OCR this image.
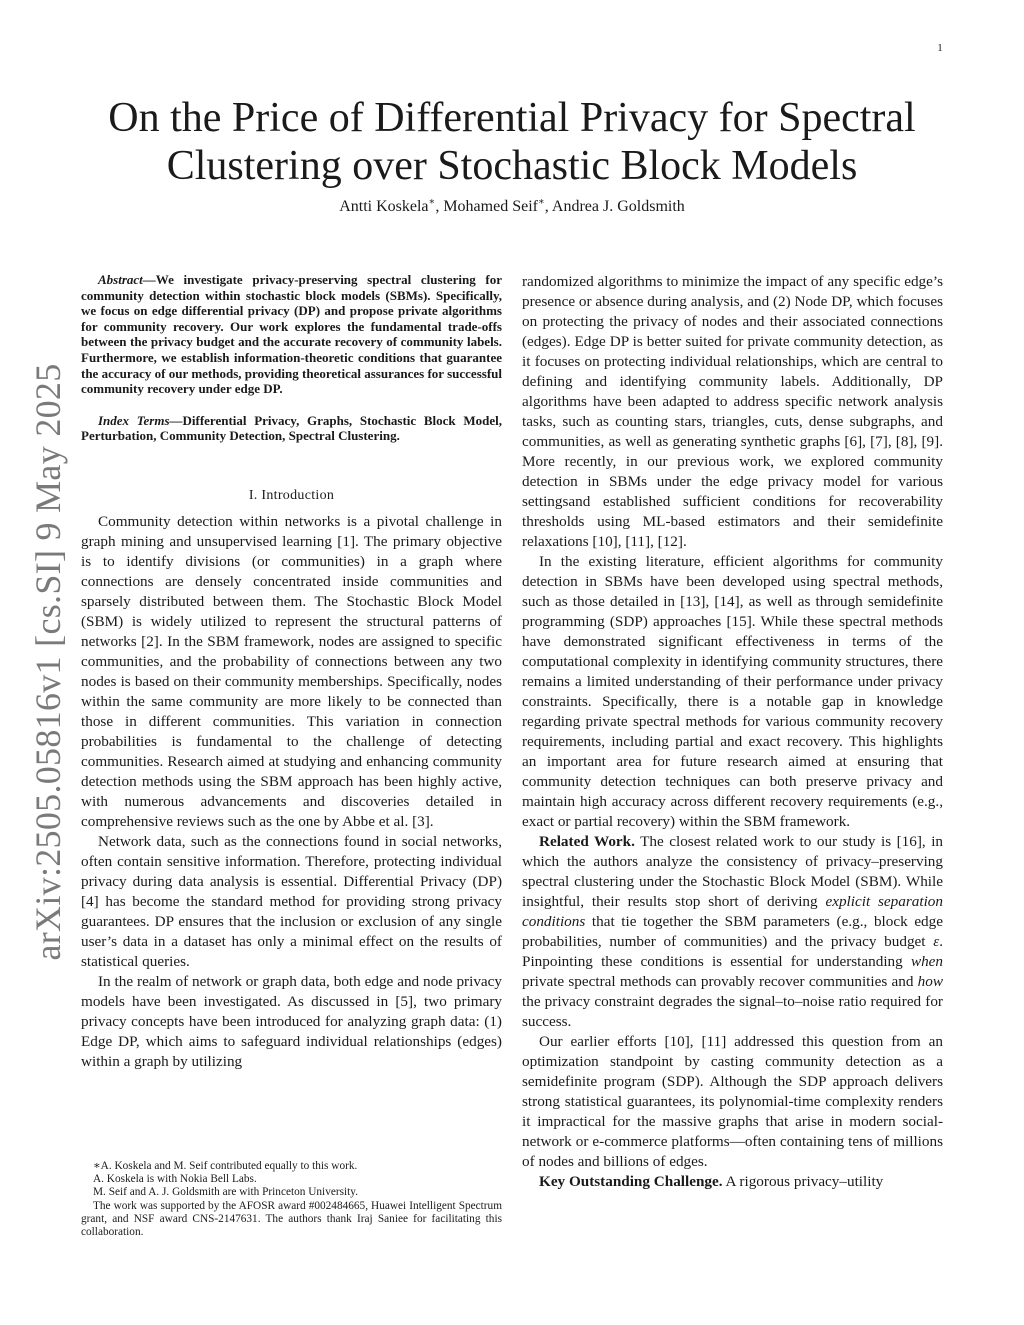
1
arXiv:2505.05816v1 [cs.SI] 9 May 2025
On the Price of Differential Privacy for Spectral Clustering over Stochastic Block Models
Antti Koskela∗, Mohamed Seif∗, Andrea J. Goldsmith

Abstract—We investigate privacy-preserving spectral clustering for community detection within stochastic block models (SBMs). Specifically, we focus on edge differential privacy (DP) and propose private algorithms for community recovery. Our work explores the fundamental trade-offs between the privacy budget and the accurate recovery of community labels. Furthermore, we establish information-theoretic conditions that guarantee the accuracy of our methods, providing theoretical assurances for successful community recovery under edge DP.

Index Terms—Differential Privacy, Graphs, Stochastic Block Model, Perturbation, Community Detection, Spectral Clustering.

I. Introduction

Community detection within networks is a pivotal challenge in graph mining and unsupervised learning [1]. The primary objective is to identify divisions (or communities) in a graph where connections are densely concentrated inside communities and sparsely distributed between them. The Stochastic Block Model (SBM) is widely utilized to represent the structural patterns of networks [2]. In the SBM framework, nodes are assigned to specific communities, and the probability of connections between any two nodes is based on their community memberships. Specifically, nodes within the same community are more likely to be connected than those in different communities. This variation in connection probabilities is fundamental to the challenge of detecting communities. Research aimed at studying and enhancing community detection methods using the SBM approach has been highly active, with numerous advancements and discoveries detailed in comprehensive reviews such as the one by Abbe et al. [3].

Network data, such as the connections found in social networks, often contain sensitive information. Therefore, protecting individual privacy during data analysis is essential. Differential Privacy (DP) [4] has become the standard method for providing strong privacy guarantees. DP ensures that the inclusion or exclusion of any single user’s data in a dataset has only a minimal effect on the results of statistical queries.

In the realm of network or graph data, both edge and node privacy models have been investigated. As discussed in [5], two primary privacy concepts have been introduced for analyzing graph data: (1) Edge DP, which aims to safeguard individual relationships (edges) within a graph by utilizing

∗A. Koskela and M. Seif contributed equally to this work.

A. Koskela is with Nokia Bell Labs.

M. Seif and A. J. Goldsmith are with Princeton University.

The work was supported by the AFOSR award #002484665, Huawei Intelligent Spectrum grant, and NSF award CNS-2147631. The authors thank Iraj Saniee for facilitating this collaboration.

randomized algorithms to minimize the impact of any specific edge’s presence or absence during analysis, and (2) Node DP, which focuses on protecting the privacy of nodes and their associated connections (edges). Edge DP is better suited for private community detection, as it focuses on protecting individual relationships, which are central to defining and identifying community labels. Additionally, DP algorithms have been adapted to address specific network analysis tasks, such as counting stars, triangles, cuts, dense subgraphs, and communities, as well as generating synthetic graphs [6], [7], [8], [9]. More recently, in our previous work, we explored community detection in SBMs under the edge privacy model for various settingsand established sufficient conditions for recoverability thresholds using ML-based estimators and their semidefinite relaxations [10], [11], [12].

In the existing literature, efficient algorithms for community detection in SBMs have been developed using spectral methods, such as those detailed in [13], [14], as well as through semidefinite programming (SDP) approaches [15]. While these spectral methods have demonstrated significant effectiveness in terms of the computational complexity in identifying community structures, there remains a limited understanding of their performance under privacy constraints. Specifically, there is a notable gap in knowledge regarding private spectral methods for various community recovery requirements, including partial and exact recovery. This highlights an important area for future research aimed at ensuring that community detection techniques can both preserve privacy and maintain high accuracy across different recovery requirements (e.g., exact or partial recovery) within the SBM framework.

Related Work. The closest related work to our study is [16], in which the authors analyze the consistency of privacy–preserving spectral clustering under the Stochastic Block Model (SBM). While insightful, their results stop short of deriving explicit separation conditions that tie together the SBM parameters (e.g., block edge probabilities, number of communities) and the privacy budget ε. Pinpointing these conditions is essential for understanding when private spectral methods can provably recover communities and how the privacy constraint degrades the signal–to–noise ratio required for success.

Our earlier efforts [10], [11] addressed this question from an optimization standpoint by casting community detection as a semidefinite program (SDP). Although the SDP approach delivers strong statistical guarantees, its polynomial-time complexity renders it impractical for the massive graphs that arise in modern social-network or e-commerce platforms—often containing tens of millions of nodes and billions of edges.

Key Outstanding Challenge. A rigorous privacy–utility
